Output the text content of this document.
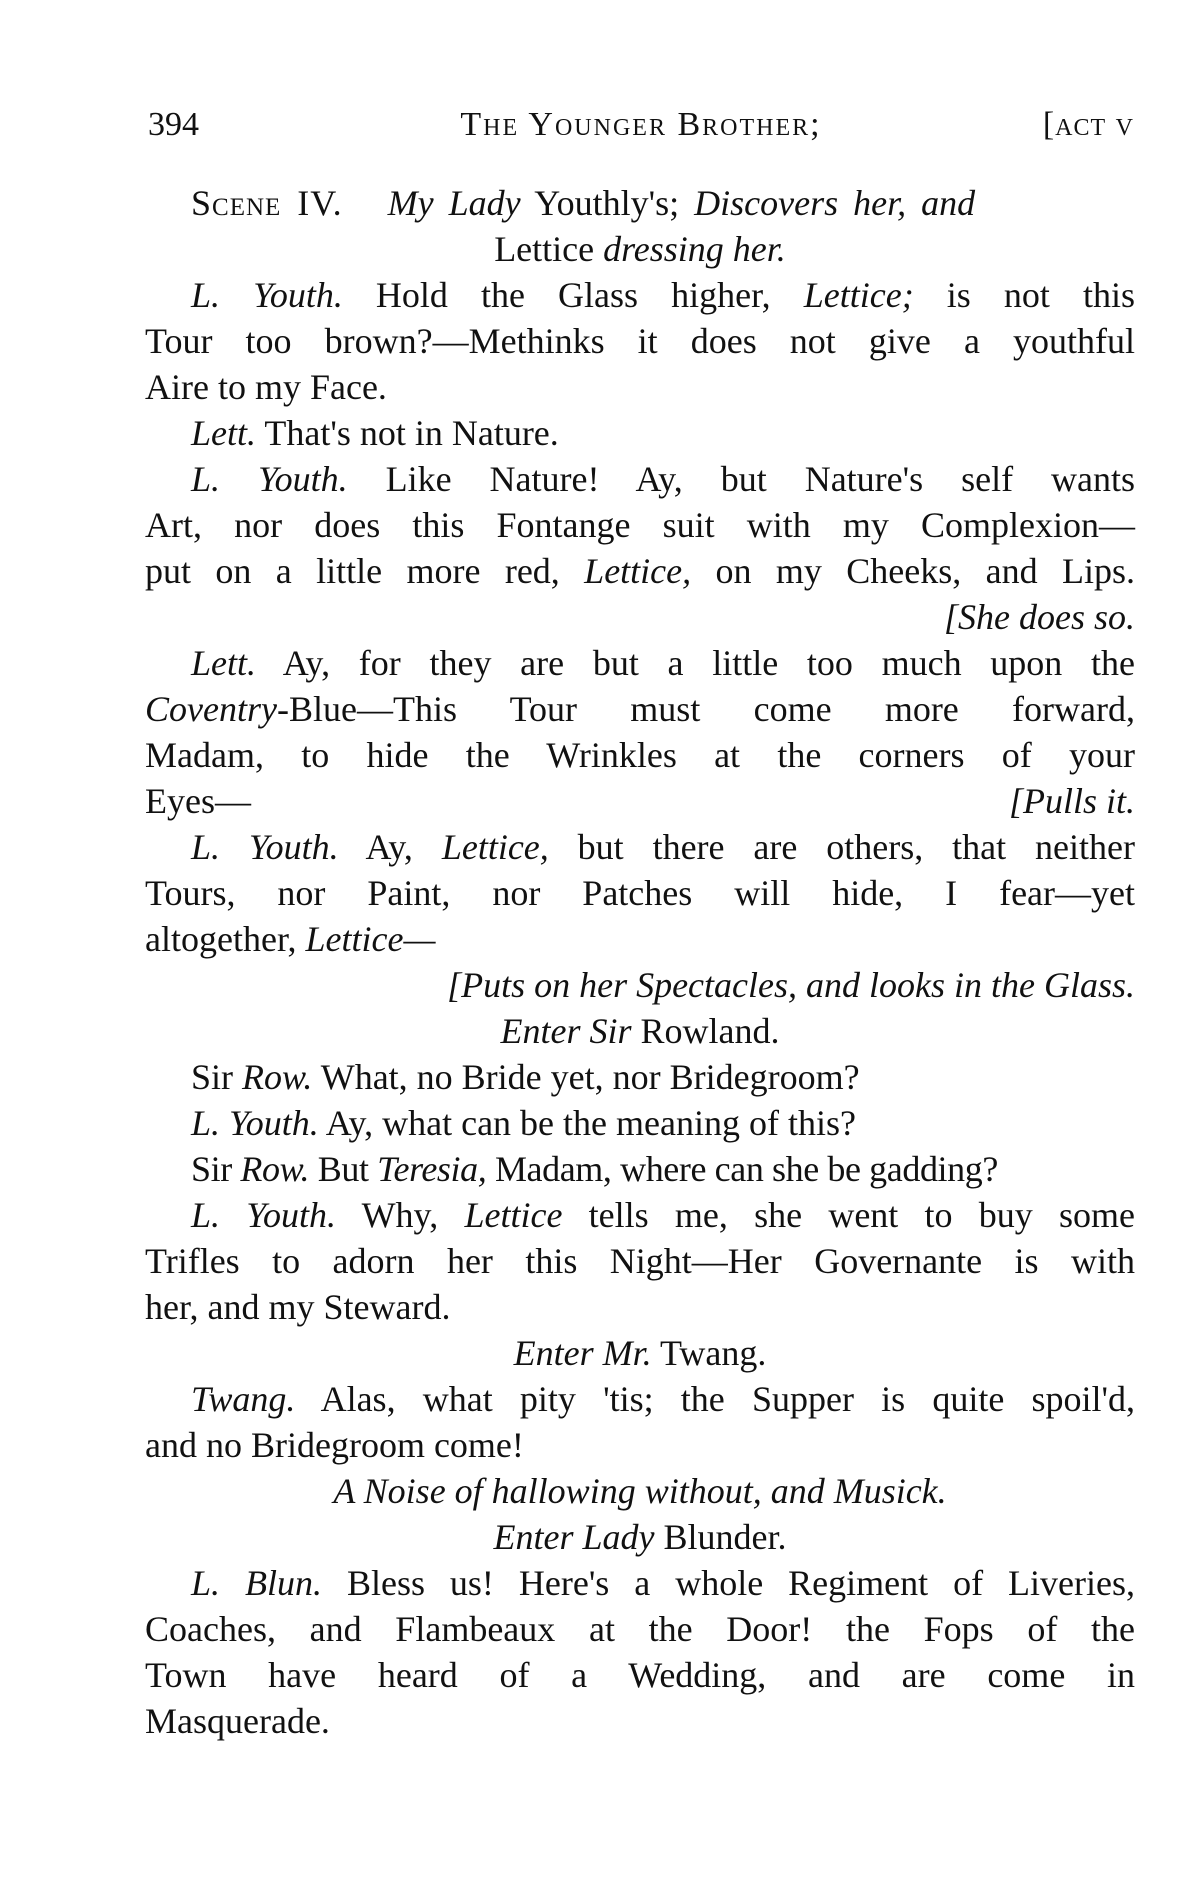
394	The Younger Brother;	[act v
Scene IV. My Lady Youthly's; Discovers her, and
Lettice dressing her.
L. Youth. Hold the Glass higher, Lettice; is not this
Tour too brown?—Methinks it does not give a youthful
Aire to my Face.
Lett. That's not in Nature.
L. Youth. Like Nature! Ay, but Nature's self wants
Art, nor does this Fontange suit with my Complexion—
put on a little more red, Lettice, on my Cheeks, and Lips.
[She does so.
Lett. Ay, for they are but a little too much upon the
Coventry-Blue—This Tour must come more forward,
Madam, to hide the Wrinkles at the corners of your
Eyes—	[Pulls it.
L. Youth. Ay, Lettice, but there are others, that neither
Tours, nor Paint, nor Patches will hide, I fear—yet
altogether, Lettice—
[Puts on her Spectacles, and looks in the Glass.
Enter Sir Rowland.
Sir Row. What, no Bride yet, nor Bridegroom?
L. Youth. Ay, what can be the meaning of this?
Sir Row. But Teresia, Madam, where can she be gadding?
L. Youth. Why, Lettice tells me, she went to buy some
Trifles to adorn her this Night—Her Governante is with
her, and my Steward.
Enter Mr. Twang.
Twang. Alas, what pity 'tis; the Supper is quite spoil'd,
and no Bridegroom come!
A Noise of hallowing without, and Musick.
Enter Lady Blunder.
L. Blun. Bless us! Here's a whole Regiment of Liveries,
Coaches, and Flambeaux at the Door! the Fops of the
Town have heard of a Wedding, and are come in
Masquerade.
